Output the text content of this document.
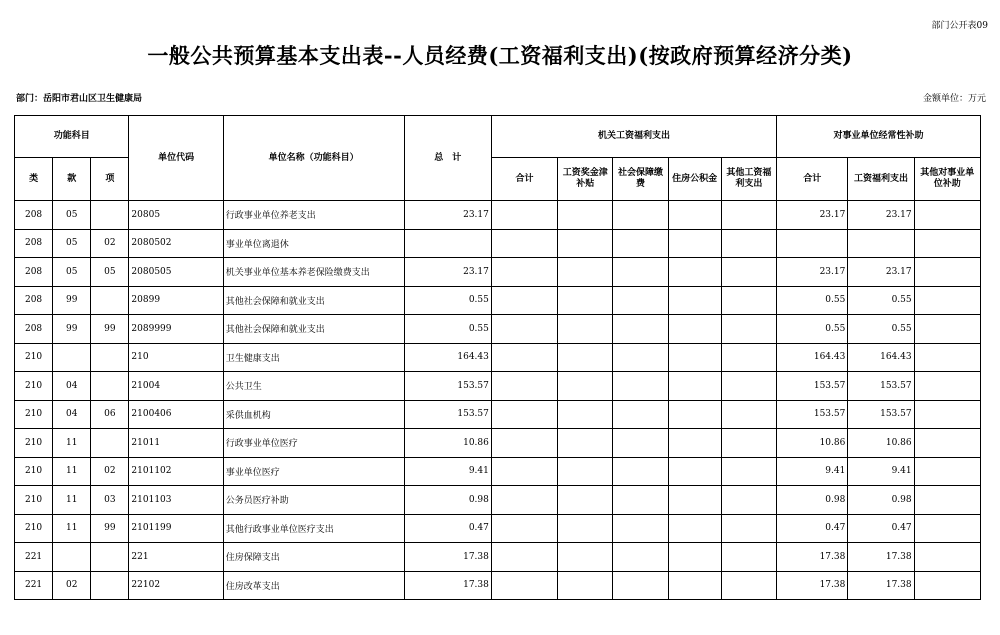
部门公开表09
一般公共预算基本支出表--人员经费(工资福利支出)(按政府预算经济分类)
部门：岳阳市君山区卫生健康局	金额单位：万元
功能科目			单位代码	单位名称（功能科目）	总　计	机关工资福利支出					对事业单位经常性补助		
类	款	项				合计	工资奖金津补贴	社会保障缴费	住房公积金	其他工资福利支出	合计	工资福利支出	其他对事业单位补助
208	05		20805	行政事业单位养老支出	23.17						23.17	23.17	
208	05	02	2080502	事业单位离退休									
208	05	05	2080505	机关事业单位基本养老保险缴费支出	23.17						23.17	23.17	
208	99		20899	其他社会保障和就业支出	0.55						0.55	0.55	
208	99	99	2089999	其他社会保障和就业支出	0.55						0.55	0.55	
210			210	卫生健康支出	164.43						164.43	164.43	
210	04		21004	公共卫生	153.57						153.57	153.57	
210	04	06	2100406	采供血机构	153.57						153.57	153.57	
210	11		21011	行政事业单位医疗	10.86						10.86	10.86	
210	11	02	2101102	事业单位医疗	9.41						9.41	9.41	
210	11	03	2101103	公务员医疗补助	0.98						0.98	0.98	
210	11	99	2101199	其他行政事业单位医疗支出	0.47						0.47	0.47	
221			221	住房保障支出	17.38						17.38	17.38	
221	02		22102	住房改革支出	17.38						17.38	17.38	
